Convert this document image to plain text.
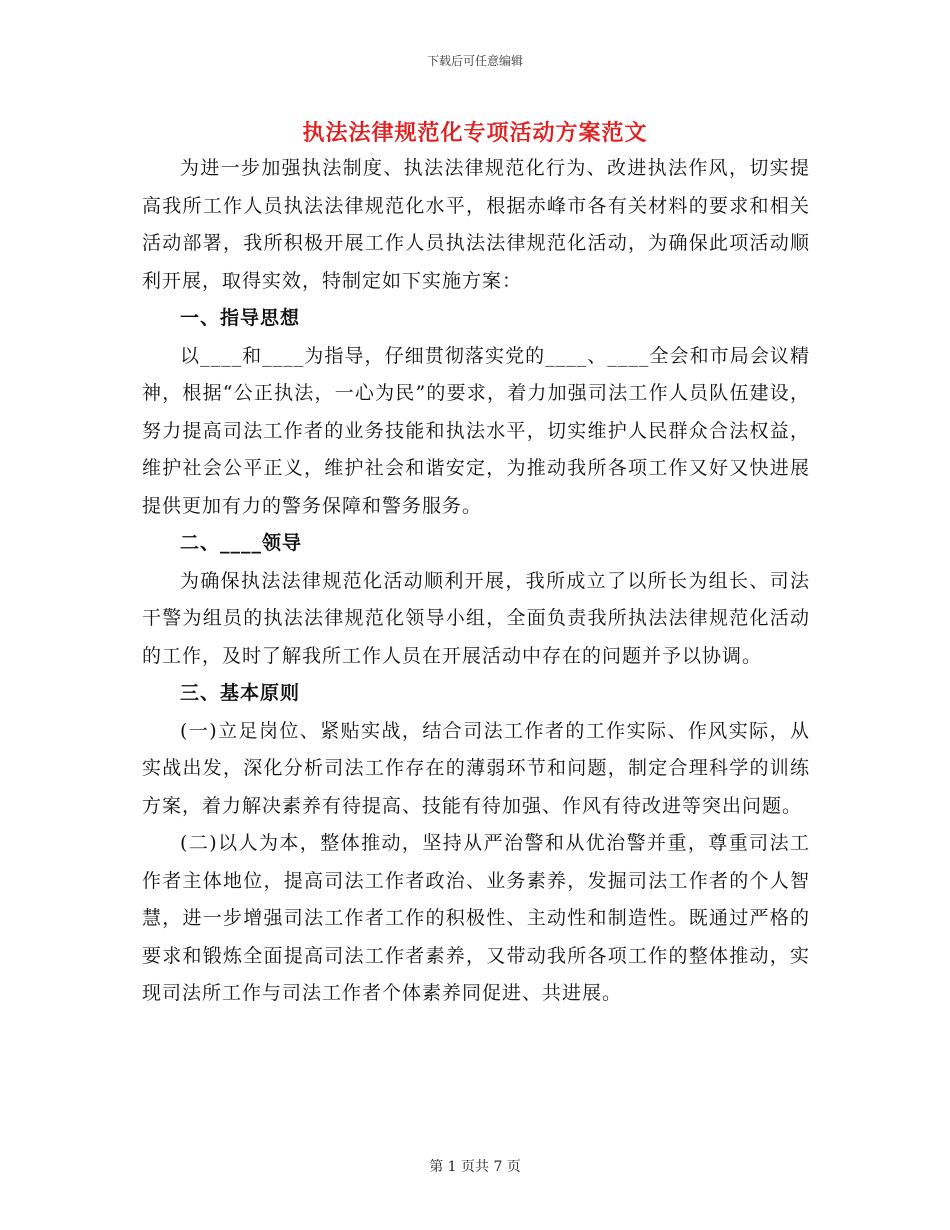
下载后可任意编辑
执法法律规范化专项活动方案范文

为进一步加强执法制度、执法法律规范化行为、改进执法作风，切实提高我所工作人员执法法律规范化水平，根据赤峰市各有关材料的要求和相关活动部署，我所积极开展工作人员执法法律规范化活动，为确保此项活动顺利开展，取得实效，特制定如下实施方案：

一、指导思想

以____和____为指导，仔细贯彻落实党的____、____全会和市局会议精神，根据“公正执法，一心为民”的要求，着力加强司法工作人员队伍建设，努力提高司法工作者的业务技能和执法水平，切实维护人民群众合法权益，维护社会公平正义，维护社会和谐安定，为推动我所各项工作又好又快进展提供更加有力的警务保障和警务服务。

二、____领导

为确保执法法律规范化活动顺利开展，我所成立了以所长为组长、司法干警为组员的执法法律规范化领导小组，全面负责我所执法法律规范化活动的工作，及时了解我所工作人员在开展活动中存在的问题并予以协调。

三、基本原则

(一)立足岗位、紧贴实战，结合司法工作者的工作实际、作风实际，从实战出发，深化分析司法工作存在的薄弱环节和问题，制定合理科学的训练方案，着力解决素养有待提高、技能有待加强、作风有待改进等突出问题。

(二)以人为本，整体推动，坚持从严治警和从优治警并重，尊重司法工作者主体地位，提高司法工作者政治、业务素养，发掘司法工作者的个人智慧，进一步增强司法工作者工作的积极性、主动性和制造性。既通过严格的要求和锻炼全面提高司法工作者素养，又带动我所各项工作的整体推动，实现司法所工作与司法工作者个体素养同促进、共进展。

第 1 页共 7 页
